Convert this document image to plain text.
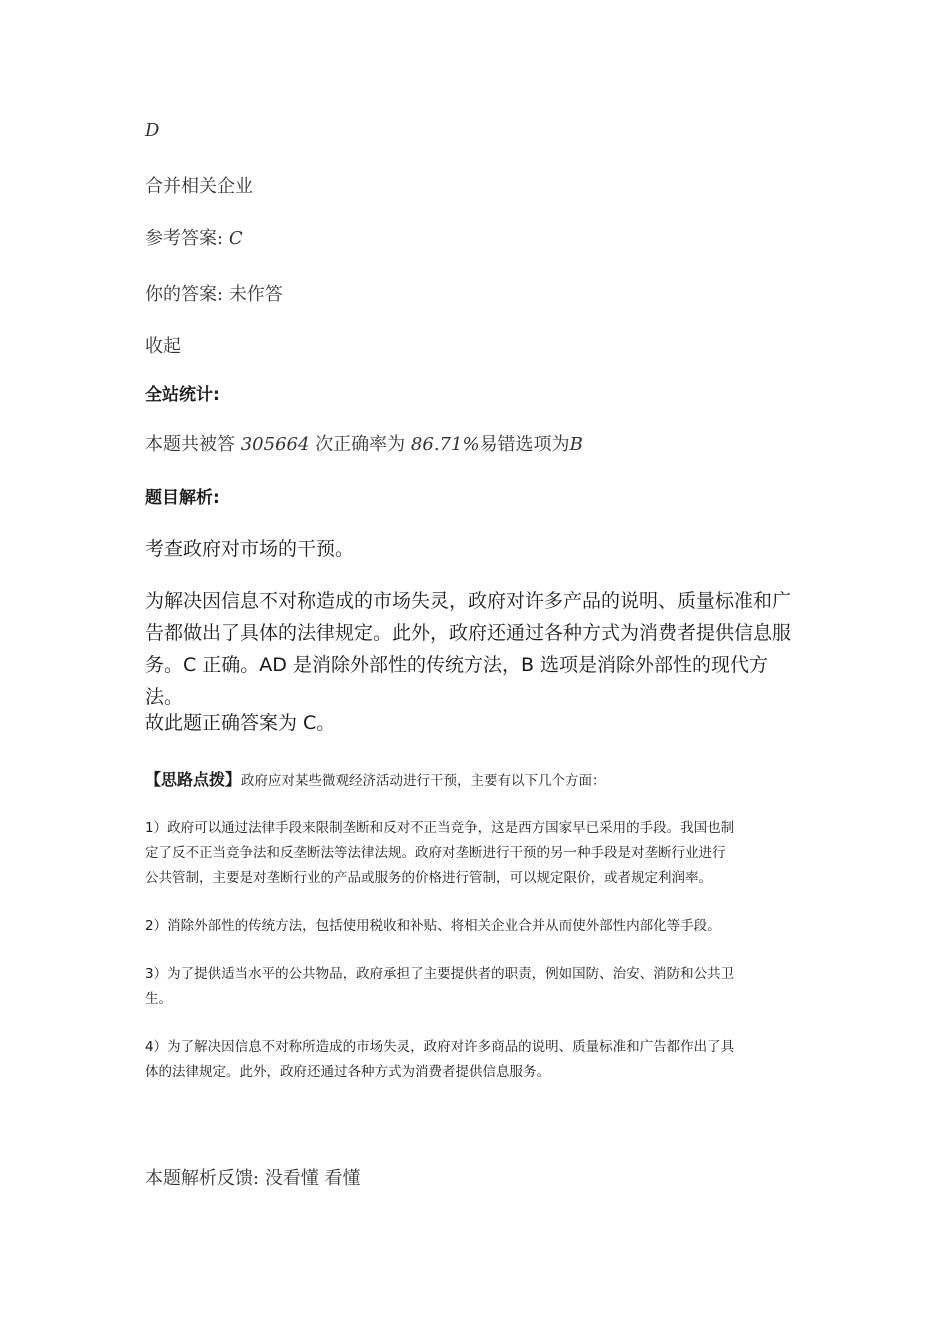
D
合并相关企业
参考答案: C
你的答案: 未作答
收起
全站统计:
本题共被答 305664 次正确率为 86.71%易错选项为B
题目解析:
考查政府对市场的干预。

为解决因信息不对称造成的市场失灵，政府对许多产品的说明、质量标准和广

告都做出了具体的法律规定。此外，政府还通过各种方式为消费者提供信息服

务。C 正确。AD 是消除外部性的传统方法，B 选项是消除外部性的现代方法。

故此题正确答案为 C。
【思路点拨】政府应对某些微观经济活动进行干预，主要有以下几个方面：

1）政府可以通过法律手段来限制垄断和反对不正当竞争，这是西方国家早已采用的手段。我国也制

定了反不正当竞争法和反垄断法等法律法规。政府对垄断进行干预的另一种手段是对垄断行业进行

公共管制，主要是对垄断行业的产品或服务的价格进行管制，可以规定限价，或者规定利润率。

2）消除外部性的传统方法，包括使用税收和补贴、将相关企业合并从而使外部性内部化等手段。

3）为了提供适当水平的公共物品，政府承担了主要提供者的职责，例如国防、治安、消防和公共卫

生。

4）为了解决因信息不对称所造成的市场失灵，政府对许多商品的说明、质量标准和广告都作出了具

体的法律规定。此外，政府还通过各种方式为消费者提供信息服务。

本题解析反馈: 没看懂 看懂
